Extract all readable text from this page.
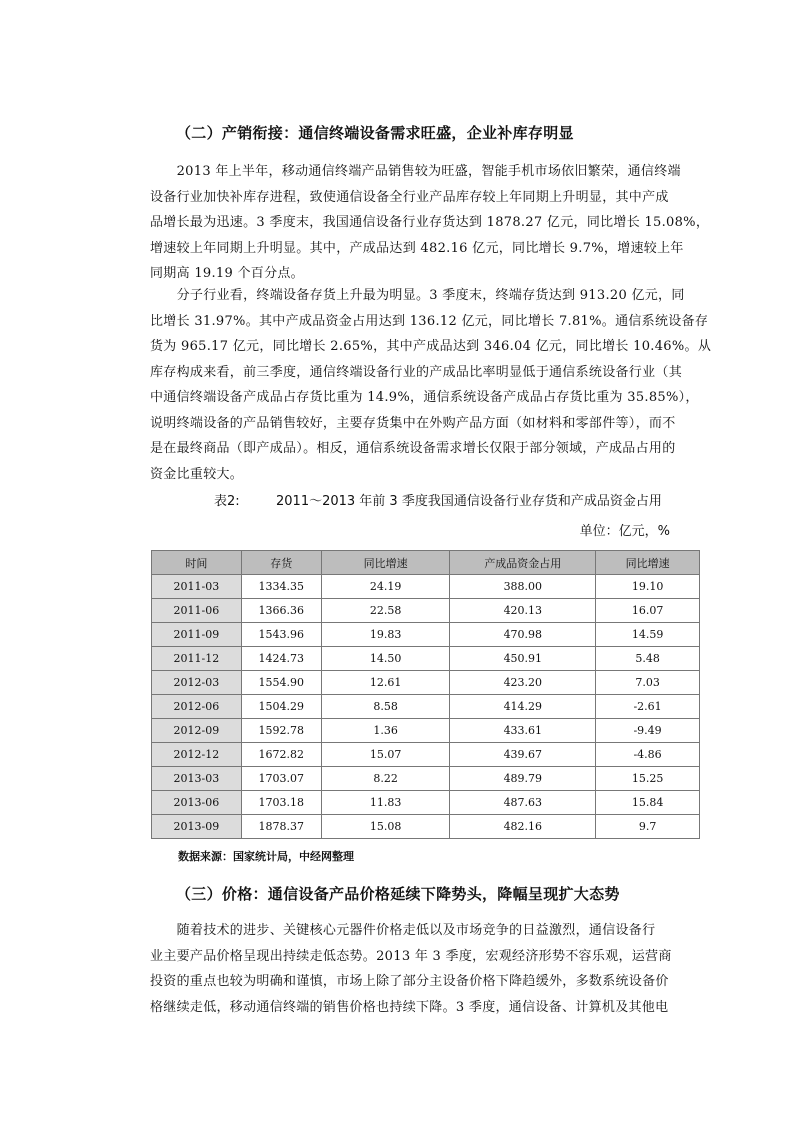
（二）产销衔接：通信终端设备需求旺盛，企业补库存明显

　　2013 年上半年，移动通信终端产品销售较为旺盛，智能手机市场依旧繁荣，通信终端
设备行业加快补库存进程，致使通信设备全行业产品库存较上年同期上升明显，其中产成
品增长最为迅速。3 季度末，我国通信设备行业存货达到 1878.27 亿元，同比增长 15.08%，
增速较上年同期上升明显。其中，产成品达到 482.16 亿元，同比增长 9.7%，增速较上年
同期高 19.19 个百分点。

　　分子行业看，终端设备存货上升最为明显。3 季度末，终端存货达到 913.20 亿元，同
比增长 31.97%。其中产成品资金占用达到 136.12 亿元，同比增长 7.81%。通信系统设备存
货为 965.17 亿元，同比增长 2.65%，其中产成品达到 346.04 亿元，同比增长 10.46%。从
库存构成来看，前三季度，通信终端设备行业的产成品比率明显低于通信系统设备行业（其
中通信终端设备产成品占存货比重为 14.9%，通信系统设备产成品占存货比重为 35.85%），
说明终端设备的产品销售较好，主要存货集中在外购产品方面（如材料和零部件等），而不
是在最终商品（即产成品）。相反，通信系统设备需求增长仅限于部分领域，产成品占用的
资金比重较大。

表2:	2011～2013 年前 3 季度我国通信设备行业存货和产成品资金占用
单位：亿元，%
时间	存货	同比增速	产成品资金占用	同比增速
2011-03	1334.35	24.19	388.00	19.10
2011-06	1366.36	22.58	420.13	16.07
2011-09	1543.96	19.83	470.98	14.59
2011-12	1424.73	14.50	450.91	5.48
2012-03	1554.90	12.61	423.20	7.03
2012-06	1504.29	8.58	414.29	-2.61
2012-09	1592.78	1.36	433.61	-9.49
2012-12	1672.82	15.07	439.67	-4.86
2013-03	1703.07	8.22	489.79	15.25
2013-06	1703.18	11.83	487.63	15.84
2013-09	1878.37	15.08	482.16	9.7
数据来源：国家统计局，中经网整理
（三）价格：通信设备产品价格延续下降势头，降幅呈现扩大态势

　　随着技术的进步、关键核心元器件价格走低以及市场竞争的日益激烈，通信设备行
业主要产品价格呈现出持续走低态势。2013 年 3 季度，宏观经济形势不容乐观，运营商
投资的重点也较为明确和谨慎，市场上除了部分主设备价格下降趋缓外，多数系统设备价
格继续走低，移动通信终端的销售价格也持续下降。3 季度，通信设备、计算机及其他电
